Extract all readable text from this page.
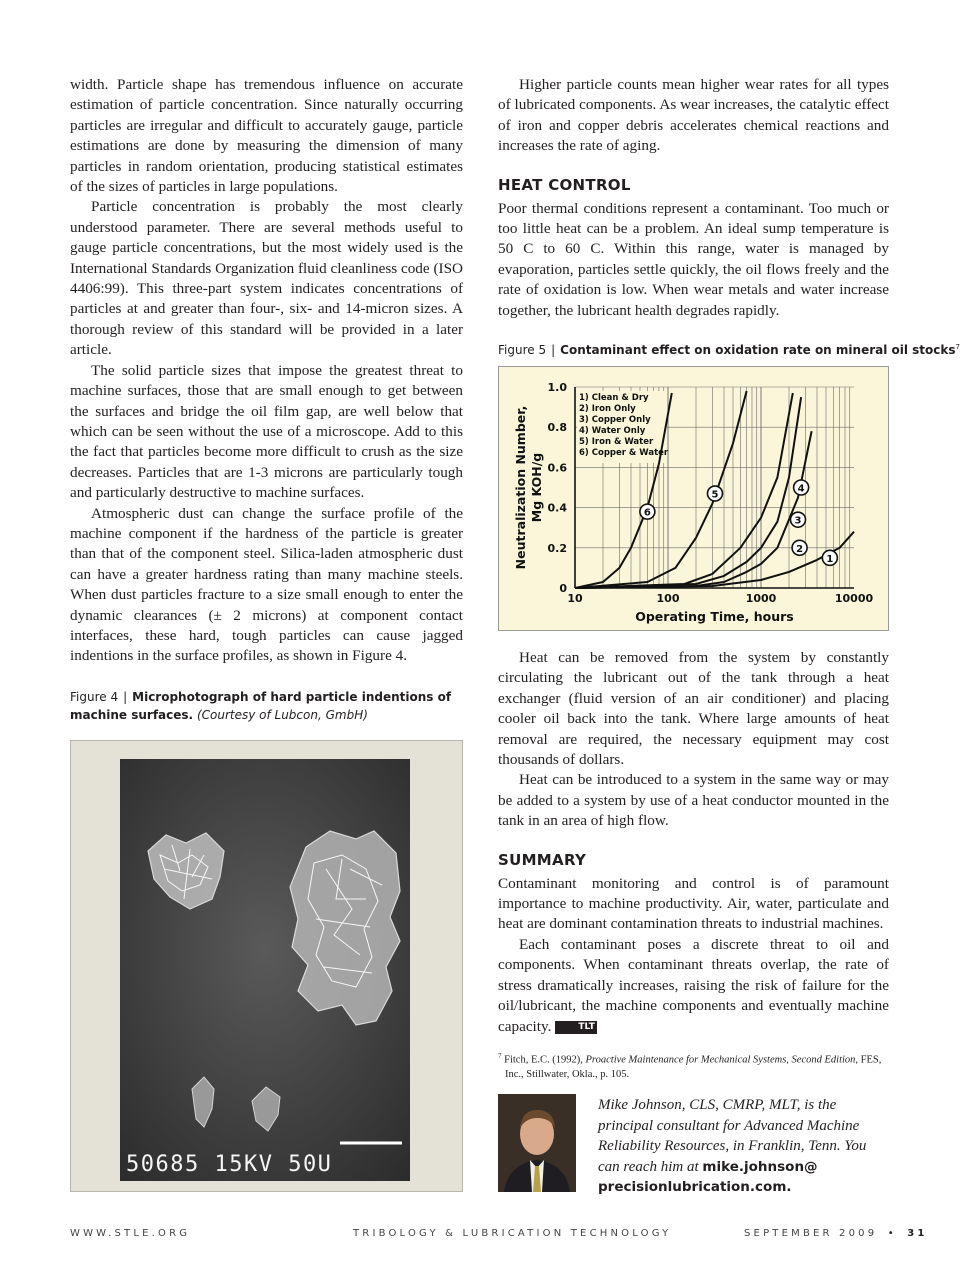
width. Particle shape has tremendous influence on accurate estimation of particle concentration. Since naturally occurring particles are irregular and difficult to accurately gauge, particle estimations are done by measuring the dimension of many particles in random orientation, producing statistical estimates of the sizes of particles in large populations.

Particle concentration is probably the most clearly understood parameter. There are several methods useful to gauge particle concentrations, but the most widely used is the International Standards Organization fluid cleanliness code (ISO 4406:99). This three-part system indicates concentrations of particles at and greater than four-, six- and 14-micron sizes. A thorough review of this standard will be provided in a later article.

The solid particle sizes that impose the greatest threat to machine surfaces, those that are small enough to get between the surfaces and bridge the oil film gap, are well below that which can be seen without the use of a microscope. Add to this the fact that particles become more difficult to crush as the size decreases. Particles that are 1-3 microns are particularly tough and particularly destructive to machine surfaces.

Atmospheric dust can change the surface profile of the machine component if the hardness of the particle is greater than that of the component steel. Silica-laden atmospheric dust can have a greater hardness rating than many machine steels. When dust particles fracture to a size small enough to enter the dynamic clearances (± 2 microns) at component contact interfaces, these hard, tough particles can cause jagged indentions in the surface profiles, as shown in Figure 4.

Figure 4 | Microphotograph of hard particle indentions of machine surfaces. (Courtesy of Lubcon, GmbH)
50685 15KV 50U

Higher particle counts mean higher wear rates for all types of lubricated components. As wear increases, the catalytic effect of iron and copper debris accelerates chemical reactions and increases the rate of aging.

HEAT CONTROL

Poor thermal conditions represent a contaminant. Too much or too little heat can be a problem. An ideal sump temperature is 50 C to 60 C. Within this range, water is managed by evaporation, particles settle quickly, the oil flows freely and the rate of oxidation is low. When wear metals and water increase together, the lubricant health degrades rapidly.

Figure 5 | Contaminant effect on oxidation rate on mineral oil stocks$^7$
0
0.2
0.4
0.6
0.8
1.0
10	100	1000	10000
Operating Time, hours
Neutralization Number, Mg KOH/g
1) Clean & Dry
2) Iron Only
3) Copper Only
4) Water Only
5) Iron & Water
6) Copper & Water
1
2
3
4
5
6

Heat can be removed from the system by constantly circulating the lubricant out of the tank through a heat exchanger (fluid version of an air conditioner) and placing cooler oil back into the tank. Where large amounts of heat removal are required, the necessary equipment may cost thousands of dollars.

Heat can be introduced to a system in the same way or may be added to a system by use of a heat conductor mounted in the tank in an area of high flow.

SUMMARY

Contaminant monitoring and control is of paramount importance to machine productivity. Air, water, particulate and heat are dominant contamination threats to industrial machines.

Each contaminant poses a discrete threat to oil and components. When contaminant threats overlap, the rate of stress dramatically increases, raising the risk of failure for the oil/lubricant, the machine components and eventually machine capacity.	TLT

$^7$ Fitch, E.C. (1992), Proactive Maintenance for Mechanical Systems, Second Edition, FES, Inc., Stillwater, Okla., p. 105.
Mike Johnson, CLS, CMRP, MLT, is the principal consultant for Advanced Machine Reliability Resources, in Franklin, Tenn. You can reach him at mike.johnson@ precisionlubrication.com.
WWW.STLE.ORG	TRIBOLOGY & LUBRICATION TECHNOLOGY	SEPTEMBER 2009 • 31
